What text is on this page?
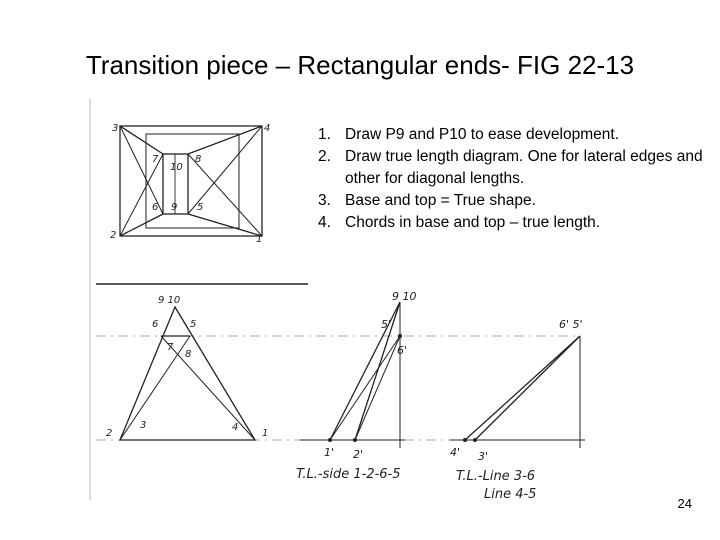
Transition piece – Rectangular ends- FIG 22-13
1. Draw P9 and P10 to ease development.
2. Draw true length diagram. One for lateral edges and other for diagonal lengths.
3. Base and top = True shape.
4. Chords in base and top – true length.
3	4
2	1
7	8
6	5
10
9
9 10
6	5
7
8
3	4
2	1
9 10
5'
6'
1' 2'
T.L.-side 1-2-6-5
6' 5'
4' 3'
T.L.-Line 3-6
Line 4-5
24
